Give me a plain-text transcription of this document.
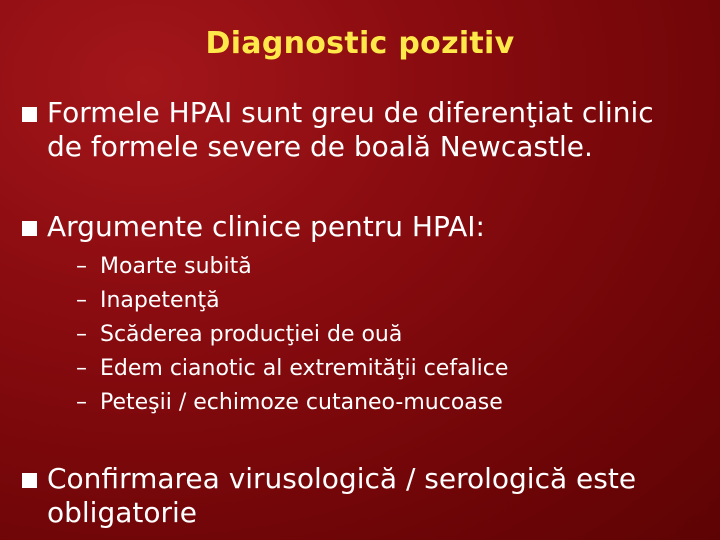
Diagnostic pozitiv
Formele HPAI sunt greu de diferenţiat clinic
de formele severe de boală Newcastle.
Argumente clinice pentru HPAI:
– Moarte subită
– Inapetenţă
– Scăderea producţiei de ouă
– Edem cianotic al extremităţii cefalice
– Peteşii / echimoze cutaneo-mucoase
Confirmarea virusologică / serologică este
obligatorie
